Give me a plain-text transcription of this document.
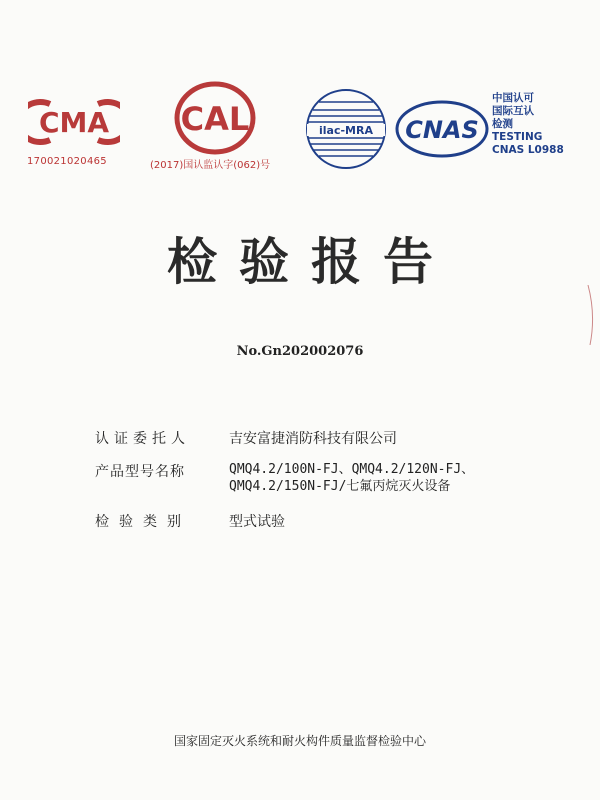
CMA
170021020465
CAL
(2017)国认监认字(062)号
ilac-MRA CNAS
中国认可
国际互认
检测
TESTING
CNAS L0988
检验报告
No.Gn202002076
认证委托人	吉安富捷消防科技有限公司
产品型号名称	QMQ4.2/100N-FJ、QMQ4.2/120N-FJ、
QMQ4.2/150N-FJ/七氟丙烷灭火设备
检验类别	型式试验
国家固定灭火系统和耐火构件质量监督检验中心
